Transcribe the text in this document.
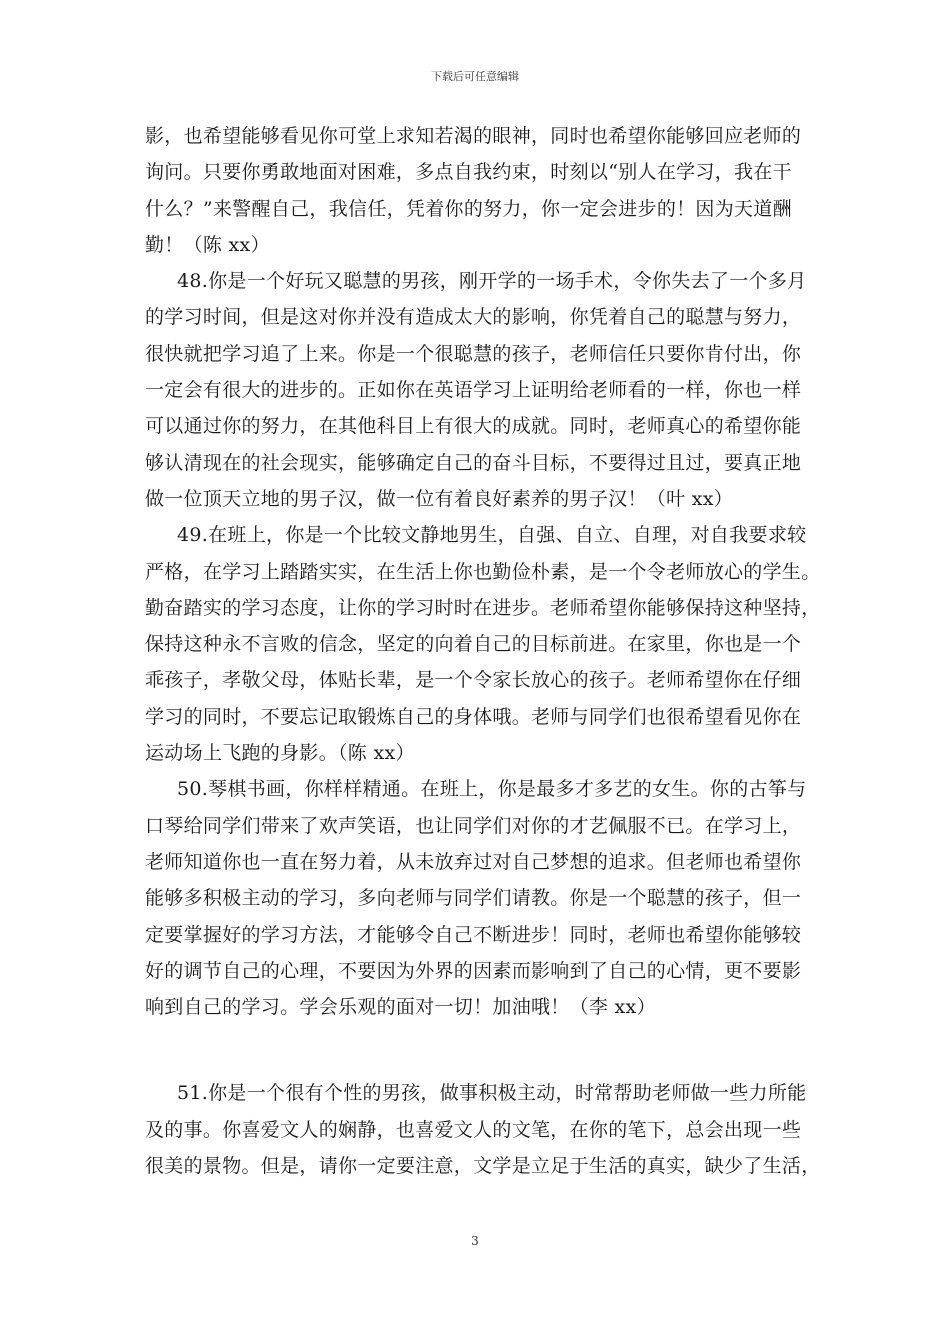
下载后可任意编辑
影，也希望能够看见你可堂上求知若渴的眼神，同时也希望你能够回应老师的
询问。只要你勇敢地面对困难，多点自我约束，时刻以“别人在学习，我在干
什么？”来警醒自己，我信任，凭着你的努力，你一定会进步的！因为天道酬
勤！（陈 xx）
48.你是一个好玩又聪慧的男孩，刚开学的一场手术，令你失去了一个多月
的学习时间，但是这对你并没有造成太大的影响，你凭着自己的聪慧与努力，
很快就把学习追了上来。你是一个很聪慧的孩子，老师信任只要你肯付出，你
一定会有很大的进步的。正如你在英语学习上证明给老师看的一样，你也一样
可以通过你的努力，在其他科目上有很大的成就。同时，老师真心的希望你能
够认清现在的社会现实，能够确定自己的奋斗目标，不要得过且过，要真正地
做一位顶天立地的男子汉，做一位有着良好素养的男子汉！（叶 xx）
49.在班上，你是一个比较文静地男生，自强、自立、自理，对自我要求较
严格，在学习上踏踏实实，在生活上你也勤俭朴素，是一个令老师放心的学生。
勤奋踏实的学习态度，让你的学习时时在进步。老师希望你能够保持这种坚持，
保持这种永不言败的信念，坚定的向着自己的目标前进。在家里，你也是一个
乖孩子，孝敬父母，体贴长辈，是一个令家长放心的孩子。老师希望你在仔细
学习的同时，不要忘记取锻炼自己的身体哦。老师与同学们也很希望看见你在
运动场上飞跑的身影。（陈 xx）
50.琴棋书画，你样样精通。在班上，你是最多才多艺的女生。你的古筝与
口琴给同学们带来了欢声笑语，也让同学们对你的才艺佩服不已。在学习上，
老师知道你也一直在努力着，从未放弃过对自己梦想的追求。但老师也希望你
能够多积极主动的学习，多向老师与同学们请教。你是一个聪慧的孩子，但一
定要掌握好的学习方法，才能够令自己不断进步！同时，老师也希望你能够较
好的调节自己的心理，不要因为外界的因素而影响到了自己的心情，更不要影
响到自己的学习。学会乐观的面对一切！加油哦！（李 xx）
51.你是一个很有个性的男孩，做事积极主动，时常帮助老师做一些力所能
及的事。你喜爱文人的娴静，也喜爱文人的文笔，在你的笔下，总会出现一些
很美的景物。但是，请你一定要注意，文学是立足于生活的真实，缺少了生活，
3
